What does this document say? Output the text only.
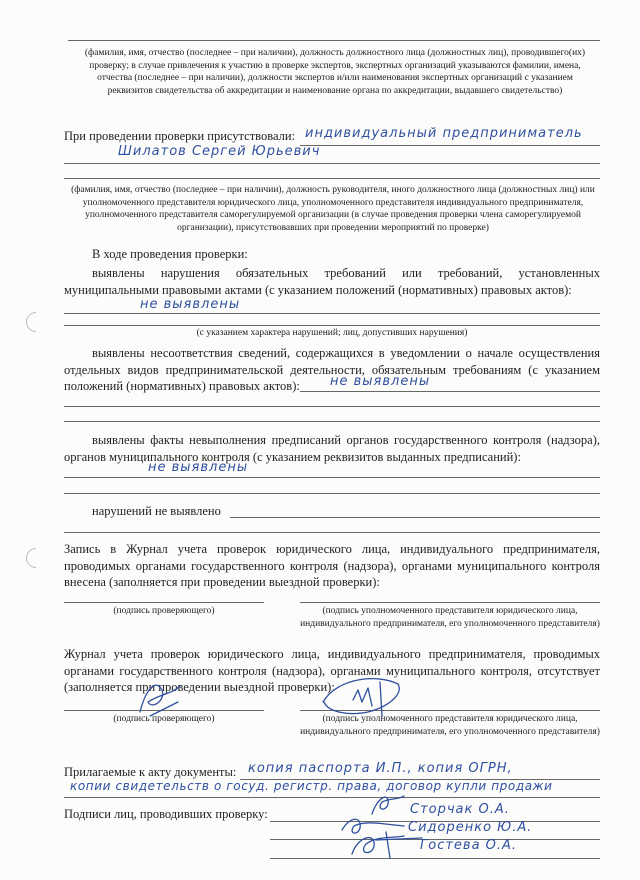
(фамилия, имя, отчество (последнее – при наличии), должность должностного лица (должностных лиц), проводившего(их) проверку; в случае привлечения к участию в проверке экспертов, экспертных организаций указываются фамилии, имена, отчества (последнее – при наличии), должности экспертов и/или наименования экспертных организаций с указанием реквизитов свидетельства об аккредитации и наименование органа по аккредитации, выдавшего свидетельство)
При проведении проверки присутствовали: индивидуальный предприниматель
Шилатов Сергей Юрьевич
(фамилия, имя, отчество (последнее – при наличии), должность руководителя, иного должностного лица (должностных лиц) или уполномоченного представителя юридического лица, уполномоченного представителя индивидуального предпринимателя, уполномоченного представителя саморегулируемой организации (в случае проведения проверки члена саморегулируемой организации), присутствовавших при проведении мероприятий по проверке)
В ходе проведения проверки:
выявлены нарушения обязательных требований или требований, установленных муниципальными правовыми актами (с указанием положений (нормативных) правовых актов):
не выявлены
(с указанием характера нарушений; лиц, допустивших нарушения)
выявлены несоответствия сведений, содержащихся в уведомлении о начале осуществления отдельных видов предпринимательской деятельности, обязательным требованиям (с указанием положений (нормативных) правовых актов):	не выявлены
выявлены факты невыполнения предписаний органов государственного контроля (надзора), органов муниципального контроля (с указанием реквизитов выданных предписаний):
не выявлены
нарушений не выявлено
Запись в Журнал учета проверок юридического лица, индивидуального предпринимателя, проводимых органами государственного контроля (надзора), органами муниципального контроля внесена (заполняется при проведении выездной проверки):
(подпись проверяющего)	(подпись уполномоченного представителя юридического лица, индивидуального предпринимателя, его уполномоченного представителя)
Журнал учета проверок юридического лица, индивидуального предпринимателя, проводимых органами государственного контроля (надзора), органами муниципального контроля, отсутствует (заполняется при проведении выездной проверки):
(подпись проверяющего)	(подпись уполномоченного представителя юридического лица, индивидуального предпринимателя, его уполномоченного представителя)
Прилагаемые к акту документы: копия паспорта И.П., копия ОГРН,
копии свидетельств о госуд. регистр. права, договор купли продажи
Подписи лиц, проводивших проверку:	Сторчак О.А.
Сидоренко Ю.А.
Гостева О.А.
